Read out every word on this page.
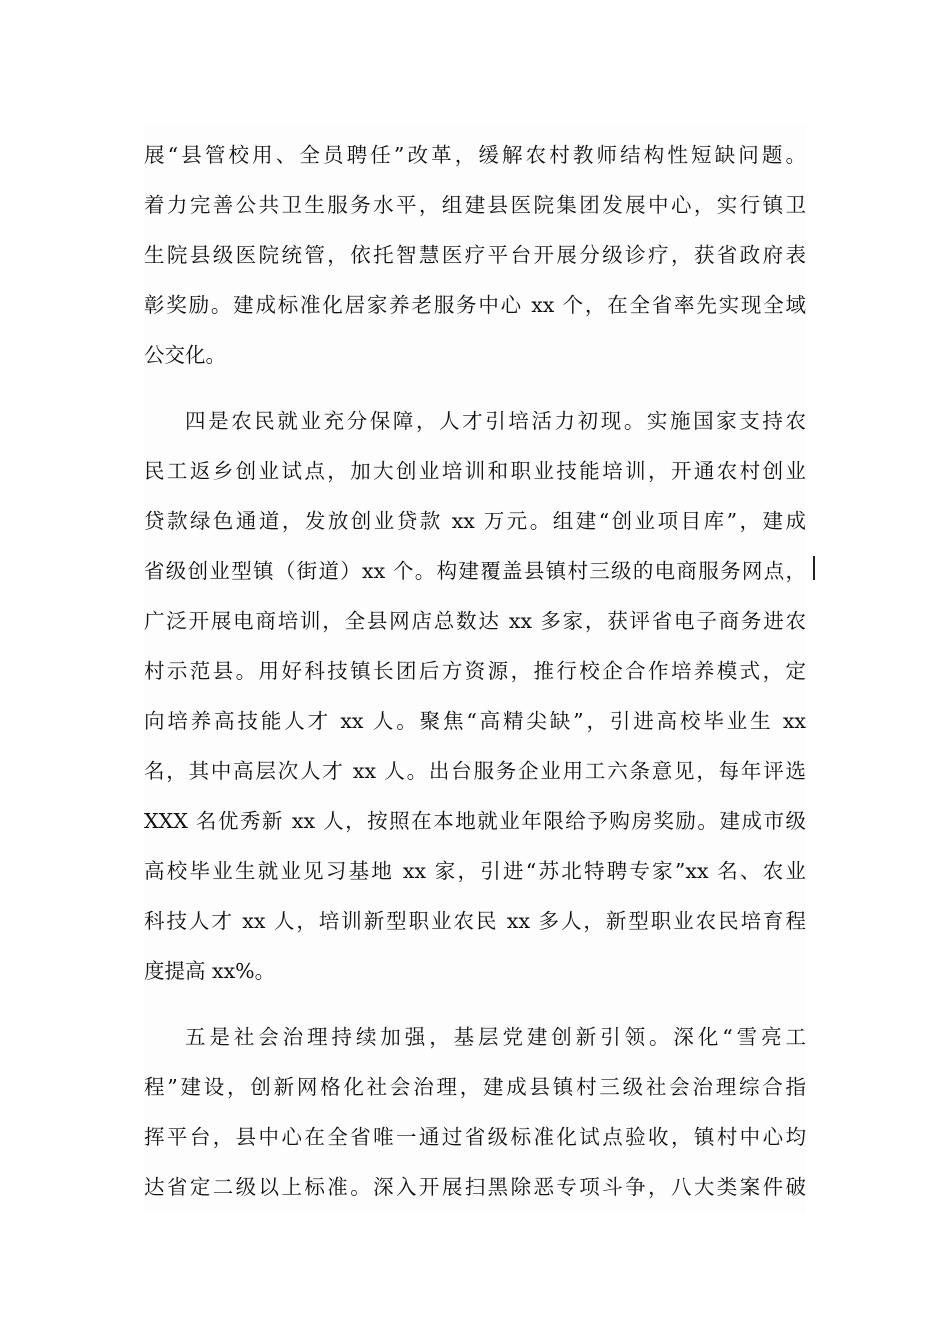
展“县管校用、全员聘任”改革，缓解农村教师结构性短缺问题。
着力完善公共卫生服务水平，组建县医院集团发展中心，实行镇卫
生院县级医院统管，依托智慧医疗平台开展分级诊疗，获省政府表
彰奖励。建成标准化居家养老服务中心 xx 个，在全省率先实现全域
公交化。
四是农民就业充分保障，人才引培活力初现。实施国家支持农
民工返乡创业试点，加大创业培训和职业技能培训，开通农村创业
贷款绿色通道，发放创业贷款 xx 万元。组建“创业项目库”，建成
省级创业型镇（街道）xx 个。构建覆盖县镇村三级的电商服务网点，
广泛开展电商培训，全县网店总数达 xx 多家，获评省电子商务进农
村示范县。用好科技镇长团后方资源，推行校企合作培养模式，定
向培养高技能人才 xx 人。聚焦“高精尖缺”，引进高校毕业生 xx
名，其中高层次人才 xx 人。出台服务企业用工六条意见，每年评选
XXX 名优秀新 xx 人，按照在本地就业年限给予购房奖励。建成市级
高校毕业生就业见习基地 xx 家，引进“苏北特聘专家”xx 名、农业
科技人才 xx 人，培训新型职业农民 xx 多人，新型职业农民培育程
度提高 xx%。
五是社会治理持续加强，基层党建创新引领。深化“雪亮工
程”建设，创新网格化社会治理，建成县镇村三级社会治理综合指
挥平台，县中心在全省唯一通过省级标准化试点验收，镇村中心均
达省定二级以上标准。深入开展扫黑除恶专项斗争，八大类案件破
